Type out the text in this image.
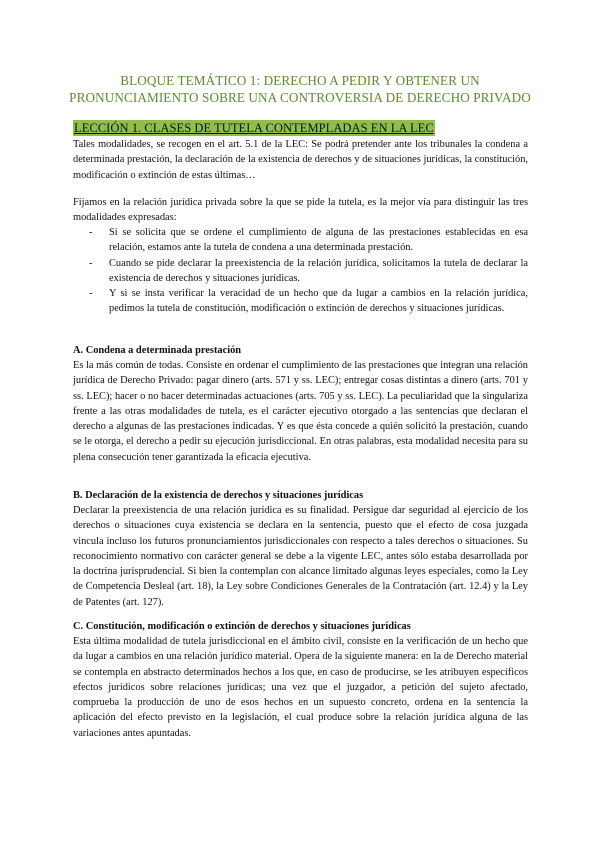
BLOQUE TEMÁTICO 1: DERECHO A PEDIR Y OBTENER UN
PRONUNCIAMIENTO SOBRE UNA CONTROVERSIA DE DERECHO PRIVADO
LECCIÓN 1. CLASES DE TUTELA CONTEMPLADAS EN LA LEC
Tales modalidades, se recogen en el art. 5.1 de la LEC: Se podrá pretender ante los tribunales la condena a determinada prestación, la declaración de la existencia de derechos y de situaciones jurídicas, la constitución, modificación o extinción de estas últimas…
Fijamos en la relación jurídica privada sobre la que se pide la tutela, es la mejor vía para distinguir las tres modalidades expresadas:
- Si se solicita que se ordene el cumplimiento de alguna de las prestaciones establecidas en esa relación, estamos ante la tutela de condena a una determinada prestación.
- Cuando se pide declarar la preexistencia de la relación jurídica, solicitamos la tutela de declarar la existencia de derechos y situaciones jurídicas.
- Y si se insta verificar la veracidad de un hecho que da lugar a cambios en la relación jurídica, pedimos la tutela de constitución, modificación o extinción de derechos y situaciones jurídicas.
A. Condena a determinada prestación
Es la más común de todas. Consiste en ordenar el cumplimiento de las prestaciones que integran una relación jurídica de Derecho Privado: pagar dinero (arts. 571 y ss. LEC); entregar cosas distintas a dinero (arts. 701 y ss. LEC); hacer o no hacer determinadas actuaciones (arts. 705 y ss. LEC). La peculiaridad que la singulariza frente a las otras modalidades de tutela, es el carácter ejecutivo otorgado a las sentencias que declaran el derecho a algunas de las prestaciones indicadas. Y es que ésta concede a quién solicitó la prestación, cuando se le otorga, el derecho a pedir su ejecución jurisdiccional. En otras palabras, esta modalidad necesita para su plena consecución tener garantizada la eficacia ejecutiva.
B. Declaración de la existencia de derechos y situaciones jurídicas
Declarar la preexistencia de una relación jurídica es su finalidad. Persigue dar seguridad al ejercicio de los derechos o situaciones cuya existencia se declara en la sentencia, puesto que el efecto de cosa juzgada vincula incluso los futuros pronunciamientos jurisdiccionales con respecto a tales derechos o situaciones. Su reconocimiento normativo con carácter general se debe a la vigente LEC, antes sólo estaba desarrollada por la doctrina jurisprudencial. Si bien la contemplan con alcance limitado algunas leyes especiales, como la Ley de Competencia Desleal (art. 18), la Ley sobre Condiciones Generales de la Contratación (art. 12.4) y la Ley de Patentes (art. 127).
C. Constitución, modificación o extinción de derechos y situaciones jurídicas
Esta última modalidad de tutela jurisdiccional en el ámbito civil, consiste en la verificación de un hecho que da lugar a cambios en una relación jurídico material. Opera de la siguiente manera: en la de Derecho material se contempla en abstracto determinados hechos a los que, en caso de producirse, se les atribuyen específicos efectos jurídicos sobre relaciones jurídicas; una vez que el juzgador, a petición del sujeto afectado, comprueba la producción de uno de esos hechos en un supuesto concreto, ordena en la sentencia la aplicación del efecto previsto en la legislación, el cual produce sobre la relación jurídica alguna de las variaciones antes apuntadas.
